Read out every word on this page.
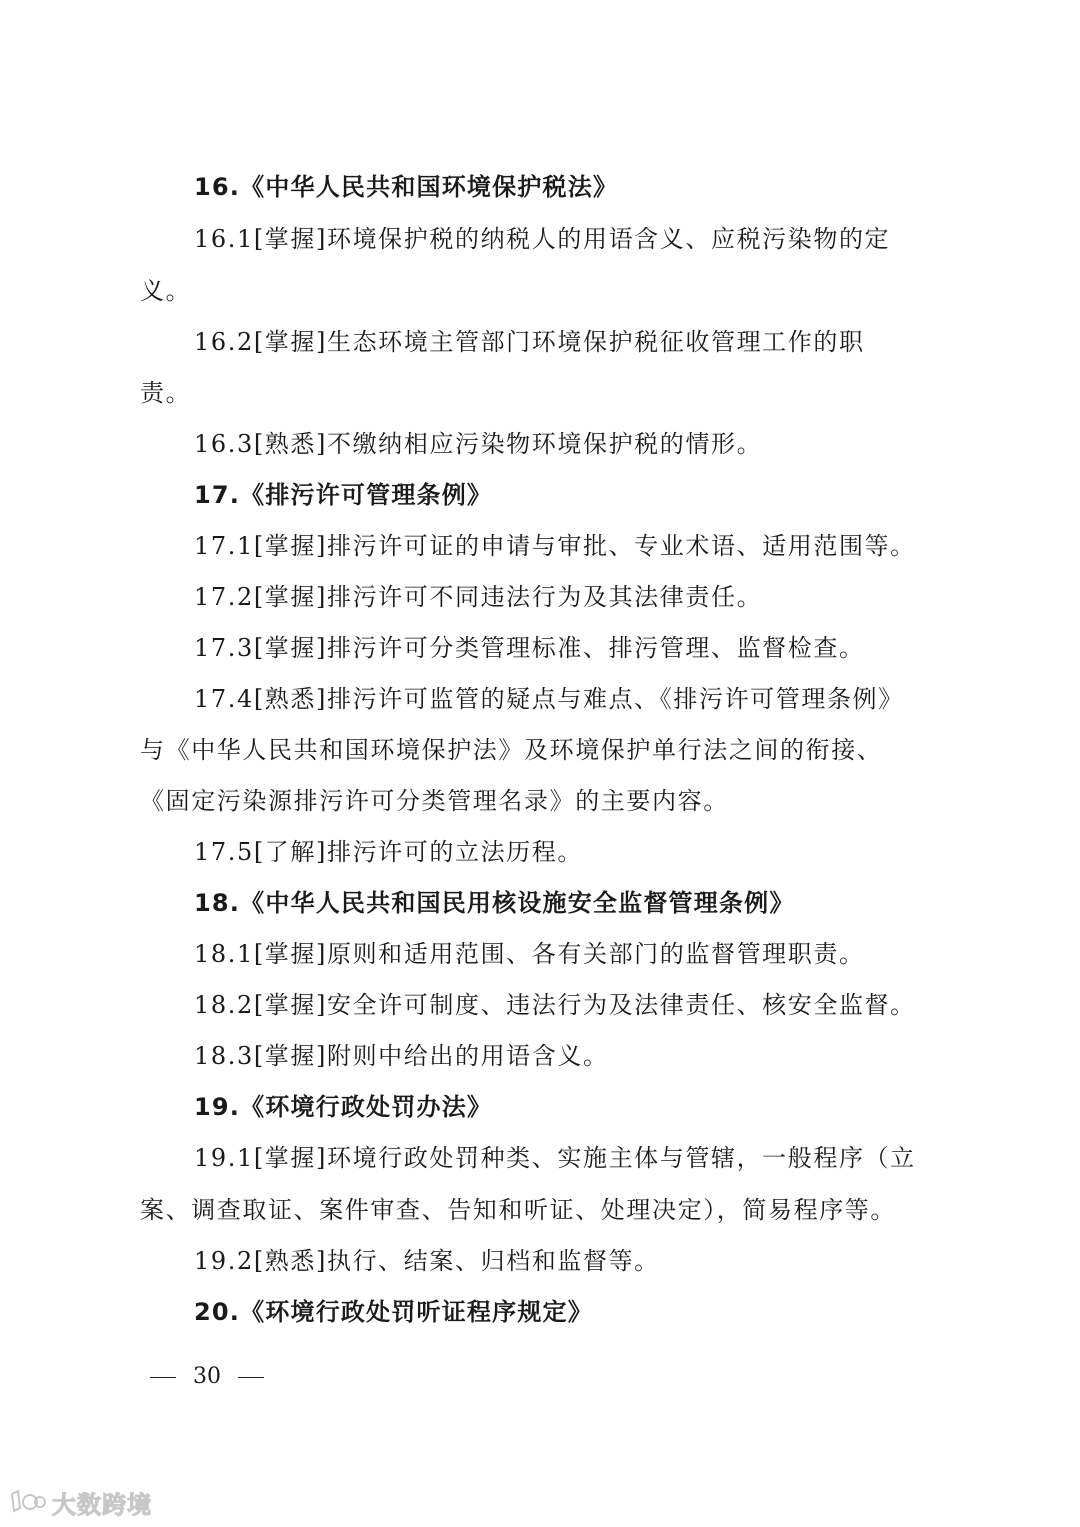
16.《中华人民共和国环境保护税法》
16.1[掌握]环境保护税的纳税人的用语含义、应税污染物的定
义。
16.2[掌握]生态环境主管部门环境保护税征收管理工作的职
责。
16.3[熟悉]不缴纳相应污染物环境保护税的情形。
17.《排污许可管理条例》
17.1[掌握]排污许可证的申请与审批、专业术语、适用范围等。
17.2[掌握]排污许可不同违法行为及其法律责任。
17.3[掌握]排污许可分类管理标准、排污管理、监督检查。
17.4[熟悉]排污许可监管的疑点与难点、《排污许可管理条例》
与《中华人民共和国环境保护法》及环境保护单行法之间的衔接、
《固定污染源排污许可分类管理名录》的主要内容。
17.5[了解]排污许可的立法历程。
18.《中华人民共和国民用核设施安全监督管理条例》
18.1[掌握]原则和适用范围、各有关部门的监督管理职责。
18.2[掌握]安全许可制度、违法行为及法律责任、核安全监督。
18.3[掌握]附则中给出的用语含义。
19.《环境行政处罚办法》
19.1[掌握]环境行政处罚种类、实施主体与管辖，一般程序（立
案、调查取证、案件审查、告知和听证、处理决定），简易程序等。
19.2[熟悉]执行、结案、归档和监督等。
20.《环境行政处罚听证程序规定》
30
大数跨境
